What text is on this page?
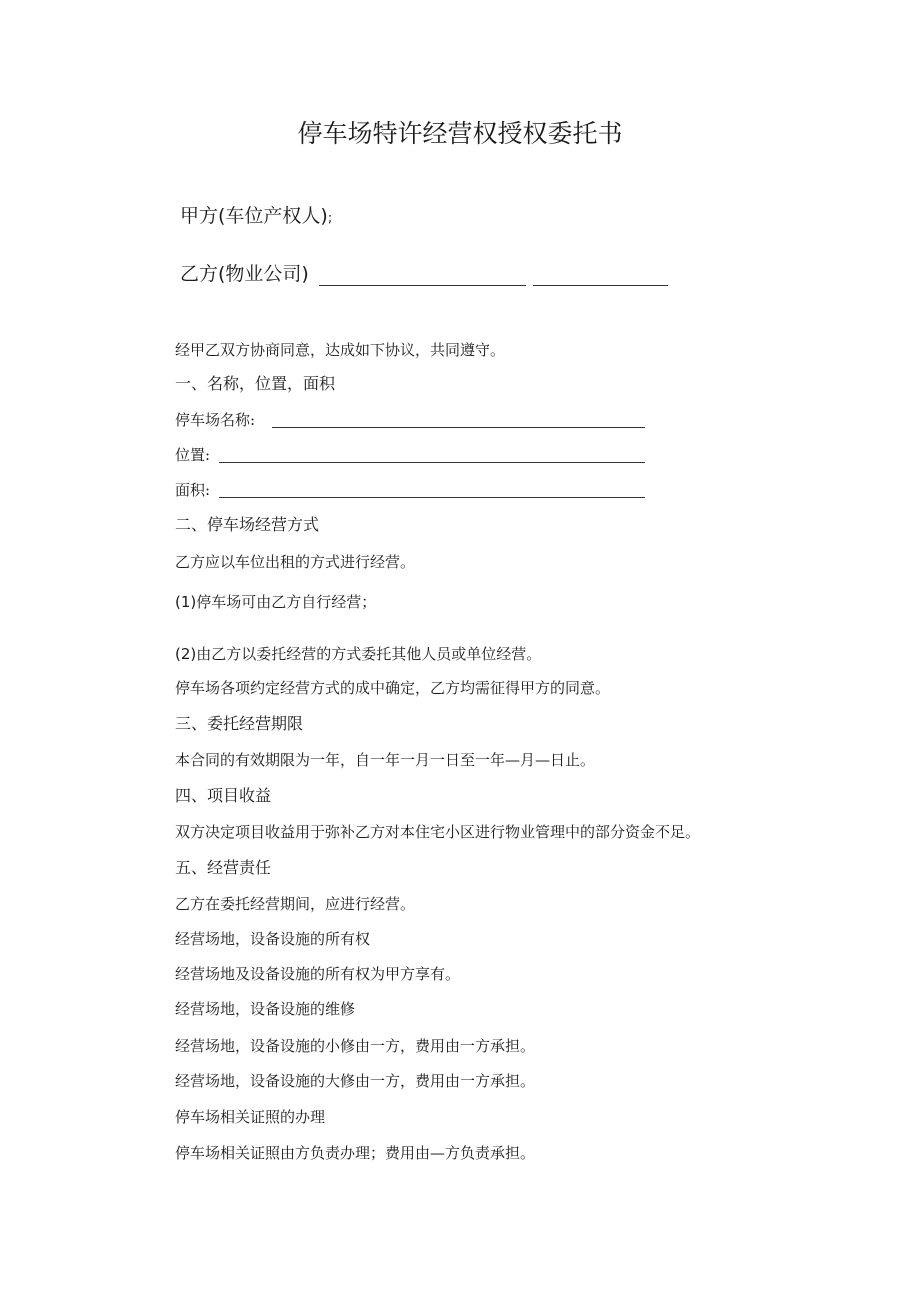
停车场特许经营权授权委托书
甲方(车位产权人);
乙方(物业公司)
经甲乙双方协商同意，达成如下协议，共同遵守。
一、名称，位置，面积
停车场名称:
位置:
面积:
二、停车场经营方式
乙方应以车位出租的方式进行经营。
(1)停车场可由乙方自行经营；
(2)由乙方以委托经营的方式委托其他人员或单位经营。
停车场各项约定经营方式的成中确定，乙方均需征得甲方的同意。
三、委托经营期限
本合同的有效期限为一年，自一年一月一日至一年—月—日止。
四、项目收益
双方决定项目收益用于弥补乙方对本住宅小区进行物业管理中的部分资金不足。
五、经营责任
乙方在委托经营期间，应进行经营。
经营场地，设备设施的所有权
经营场地及设备设施的所有权为甲方享有。
经营场地，设备设施的维修
经营场地，设备设施的小修由一方，费用由一方承担。
经营场地，设备设施的大修由一方，费用由一方承担。
停车场相关证照的办理
停车场相关证照由方负责办理；费用由—方负责承担。
